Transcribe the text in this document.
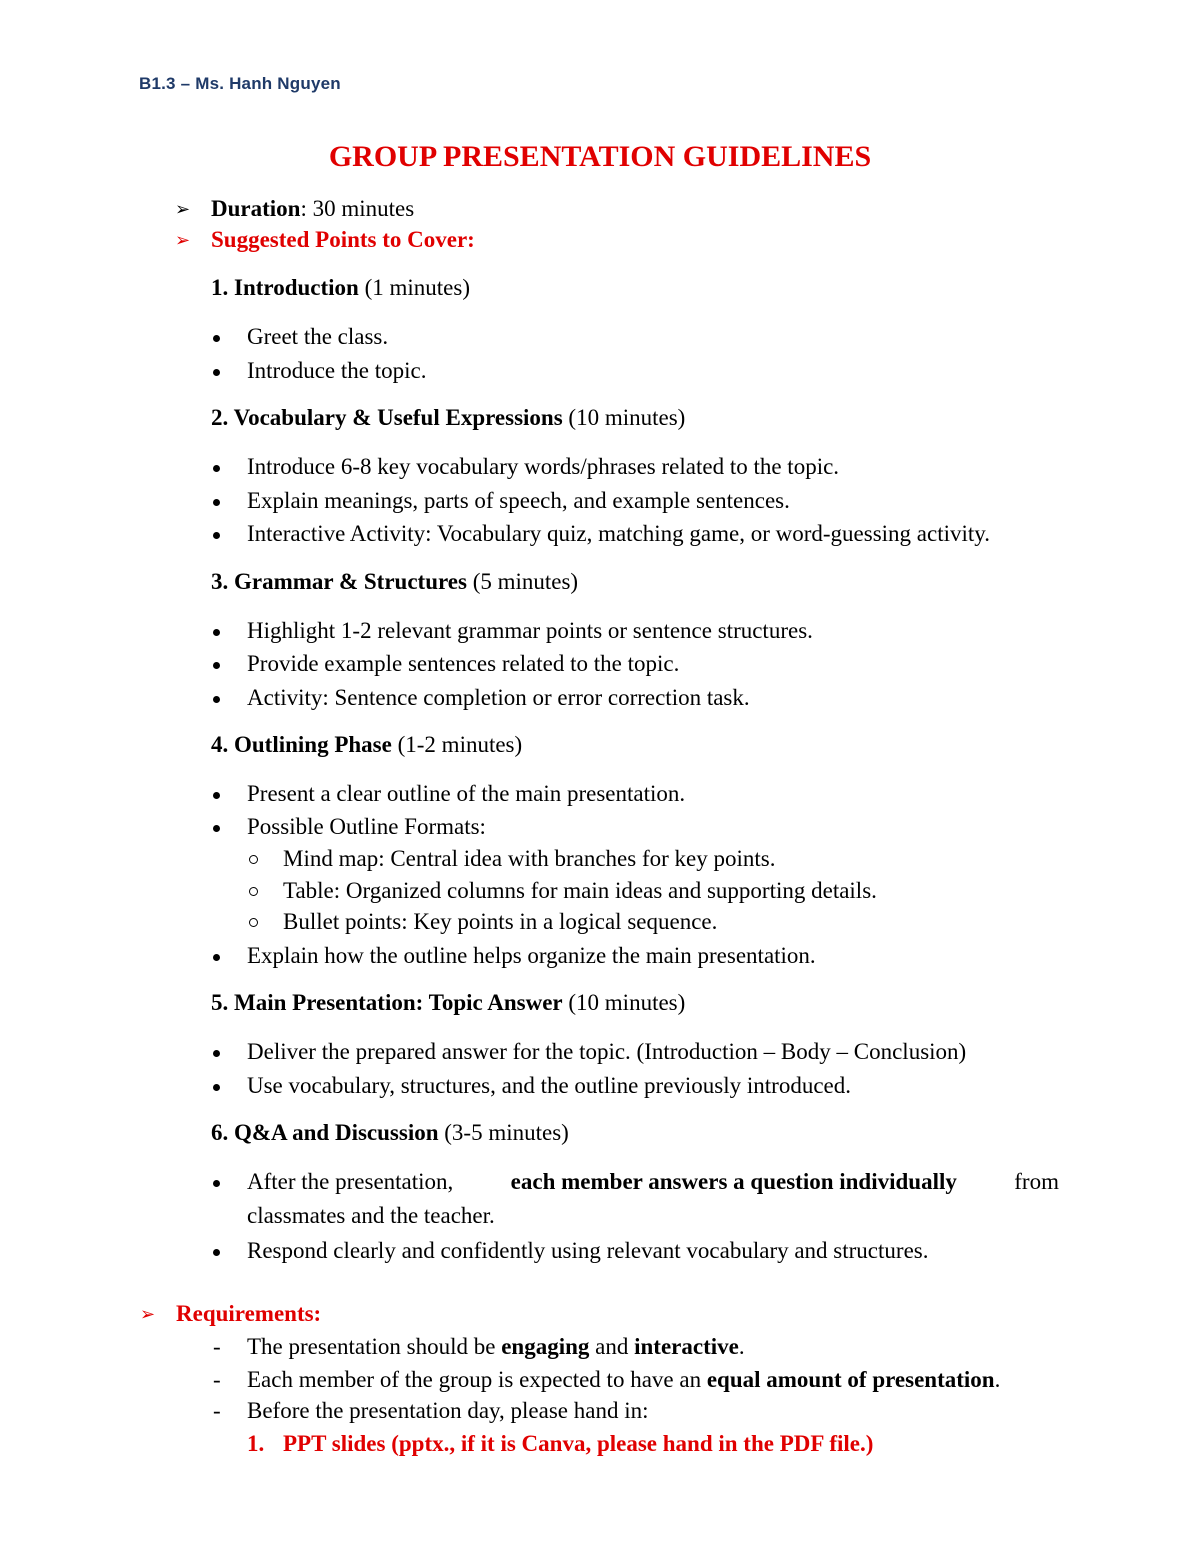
B1.3 – Ms. Hanh Nguyen
GROUP PRESENTATION GUIDELINES
➢ Duration: 30 minutes
➢ Suggested Points to Cover:
1. Introduction (1 minutes)
Greet the class.
Introduce the topic.
2. Vocabulary & Useful Expressions (10 minutes)
Introduce 6-8 key vocabulary words/phrases related to the topic.
Explain meanings, parts of speech, and example sentences.
Interactive Activity: Vocabulary quiz, matching game, or word-guessing activity.
3. Grammar & Structures (5 minutes)
Highlight 1-2 relevant grammar points or sentence structures.
Provide example sentences related to the topic.
Activity: Sentence completion or error correction task.
4. Outlining Phase (1-2 minutes)
Present a clear outline of the main presentation.
Possible Outline Formats:
Mind map: Central idea with branches for key points.
Table: Organized columns for main ideas and supporting details.
Bullet points: Key points in a logical sequence.
Explain how the outline helps organize the main presentation.
5. Main Presentation: Topic Answer (10 minutes)
Deliver the prepared answer for the topic. (Introduction – Body – Conclusion)
Use vocabulary, structures, and the outline previously introduced.
6. Q&A and Discussion (3-5 minutes)
After the presentation, each member answers a question individually from
classmates and the teacher.
Respond clearly and confidently using relevant vocabulary and structures.
➢ Requirements:
- The presentation should be engaging and interactive.
- Each member of the group is expected to have an equal amount of presentation.
- Before the presentation day, please hand in:
1. PPT slides (pptx., if it is Canva, please hand in the PDF file.)
